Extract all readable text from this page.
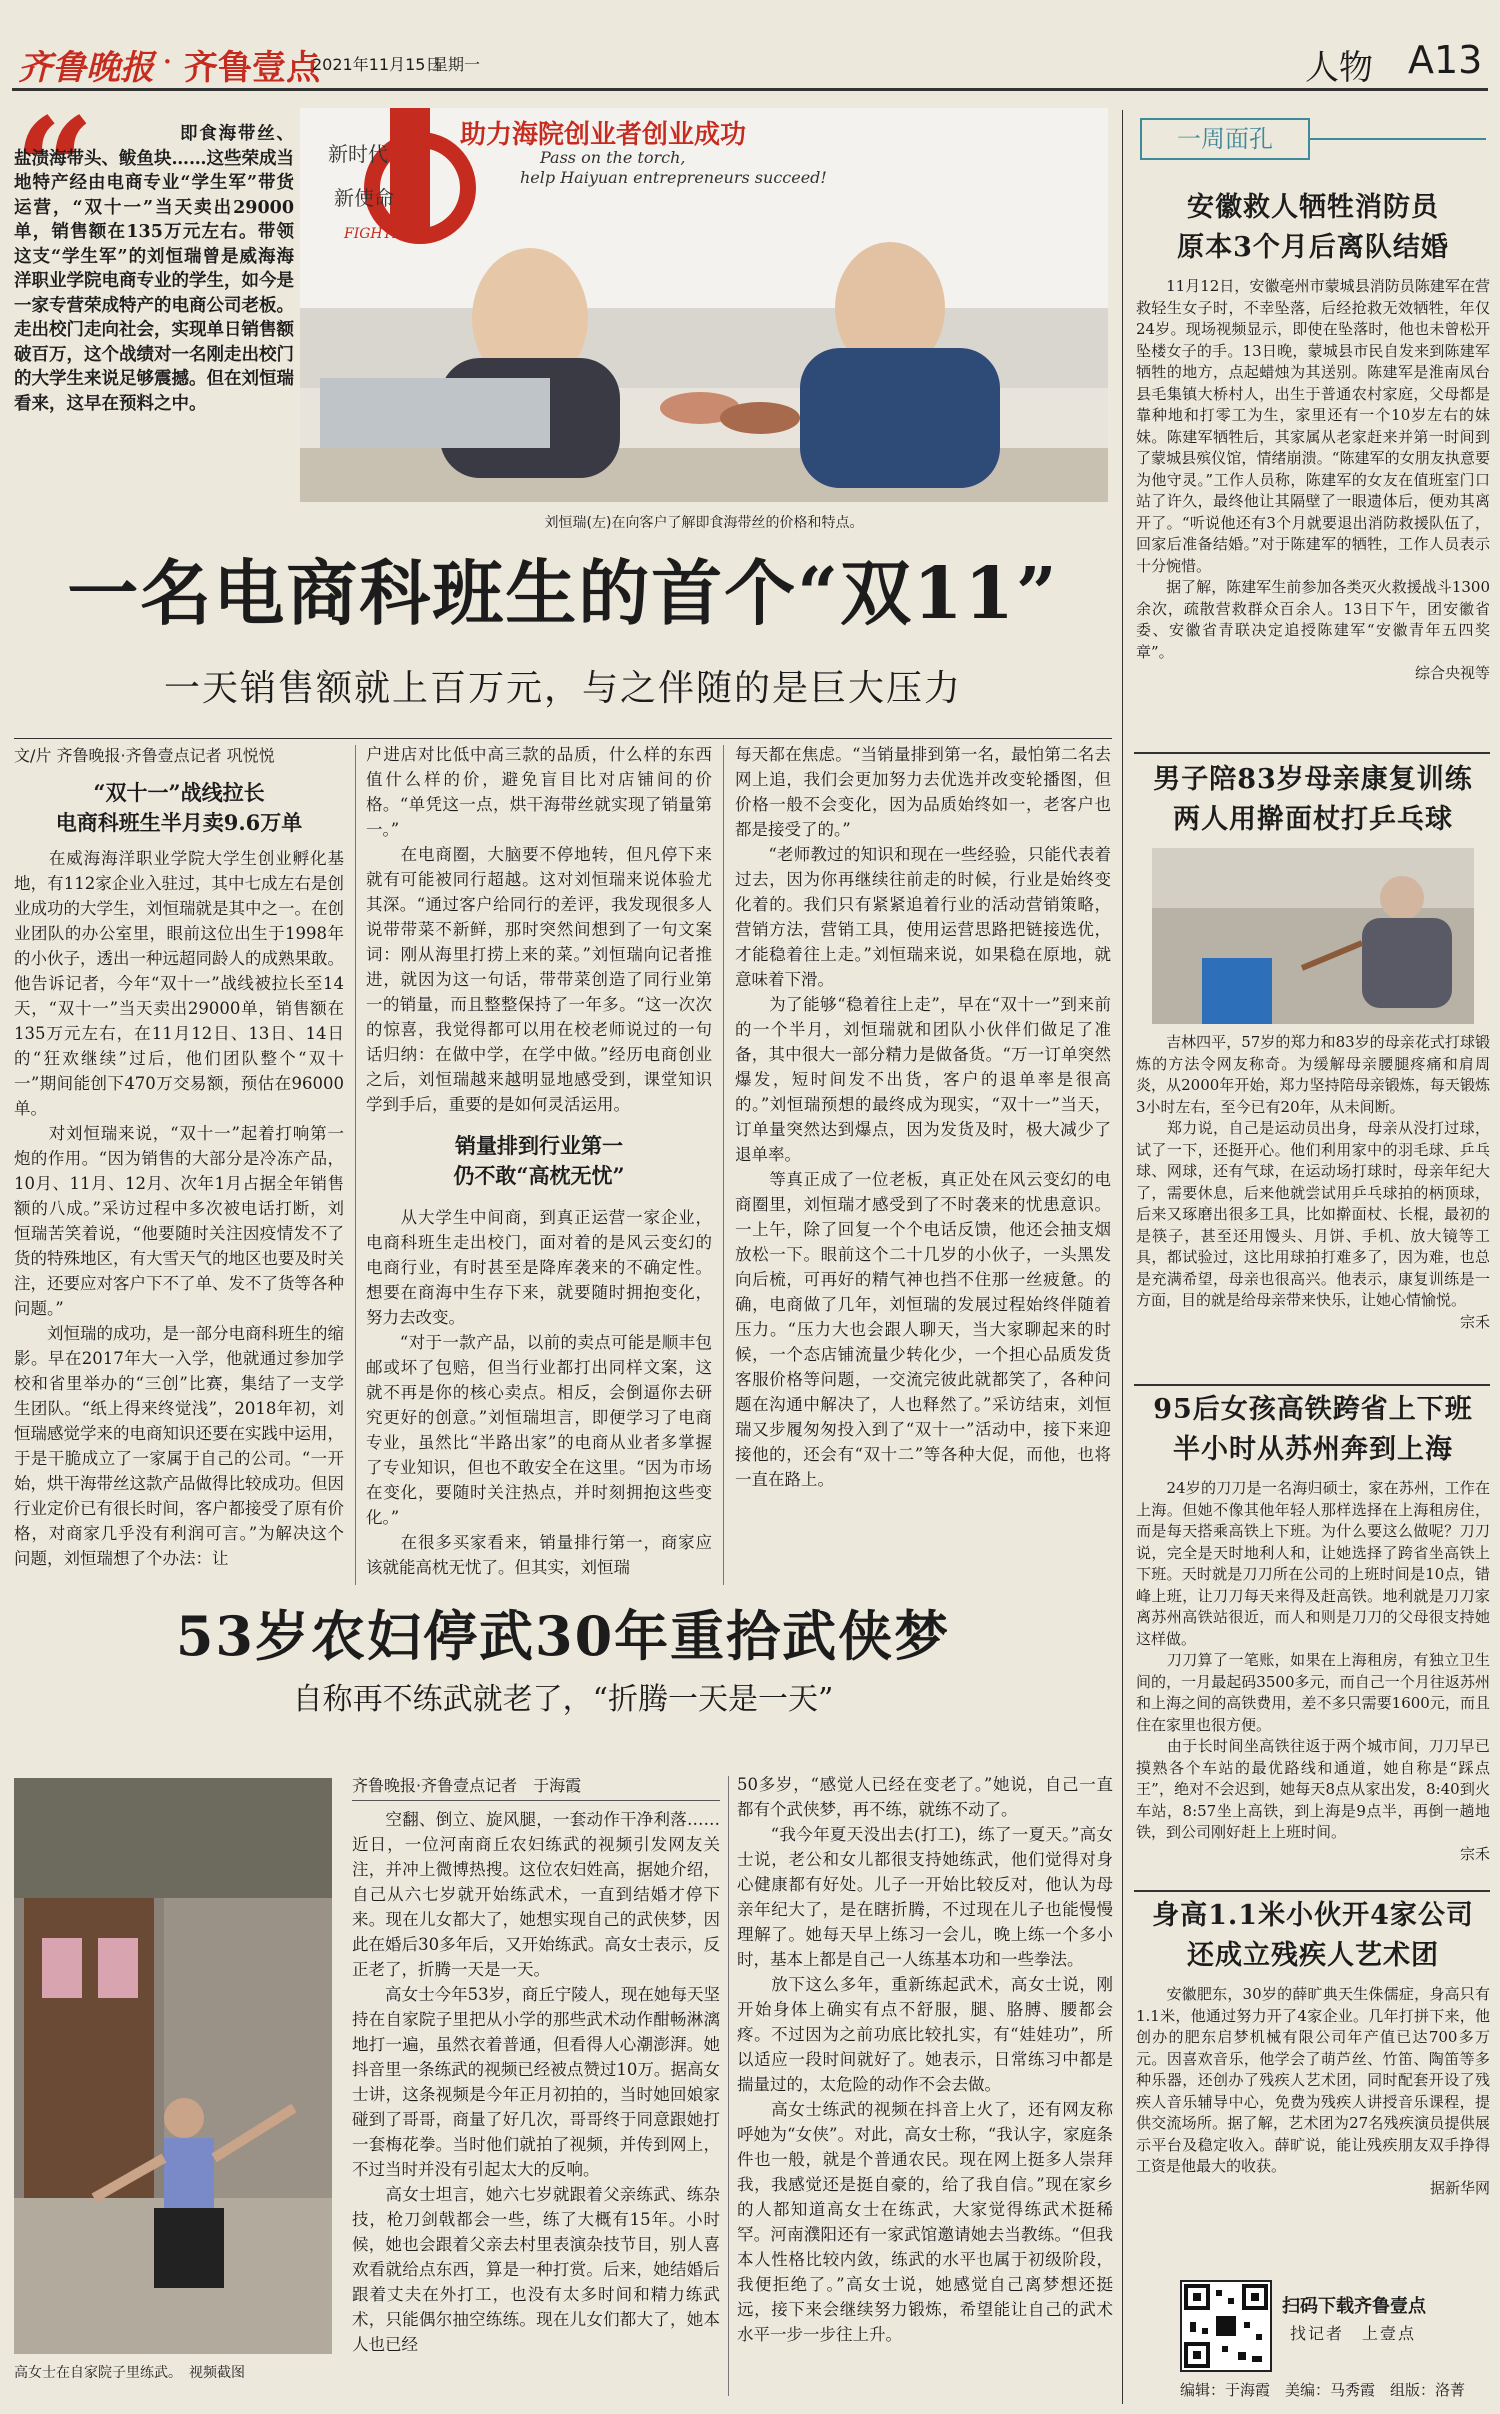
齐鲁晚报 · 齐鲁壹点
2021年11月15日
星期一	人物 A13
“	即食海带丝、盐渍海带头、鲅鱼块……这些荣成当地特产经由电商专业“学生军”带货运营，“双十一”当天卖出29000单，销售额在135万元左右。带领这支“学生军”的刘恒瑞曾是威海海洋职业学院电商专业的学生，如今是一家专营荣成特产的电商公司老板。
走出校门走向社会，实现单日销售额破百万，这个战绩对一名刚走出校门的大学生来说足够震撼。但在刘恒瑞看来，这早在预料之中。
助力海院创业者创业成功
Pass on the torch,
help Haiyuan entrepreneurs succeed!
新时代
新使命
FIGHTING
刘恒瑞(左)在向客户了解即食海带丝的价格和特点。
一名电商科班生的首个“双11”
一天销售额就上百万元，与之伴随的是巨大压力
文/片 齐鲁晚报·齐鲁壹点记者 巩悦悦
“双十一”战线拉长
电商科班生半月卖9.6万单
　　在威海海洋职业学院大学生创业孵化基地，有112家企业入驻过，其中七成左右是创业成功的大学生，刘恒瑞就是其中之一。在创业团队的办公室里，眼前这位出生于1998年的小伙子，透出一种远超同龄人的成熟果敢。他告诉记者，今年“双十一”战线被拉长至14天，“双十一”当天卖出29000单，销售额在135万元左右，在11月12日、13日、14日的“狂欢继续”过后，他们团队整个“双十一”期间能创下470万交易额，预估在96000单。
　　对刘恒瑞来说，“双十一”起着打响第一炮的作用。“因为销售的大部分是冷冻产品，10月、11月、12月、次年1月占据全年销售额的八成。”采访过程中多次被电话打断，刘恒瑞苦笑着说，“他要随时关注因疫情发不了货的特殊地区，有大雪天气的地区也要及时关注，还要应对客户下不了单、发不了货等各种问题。”
　　刘恒瑞的成功，是一部分电商科班生的缩影。早在2017年大一入学，他就通过参加学校和省里举办的“三创”比赛，集结了一支学生团队。“纸上得来终觉浅”，2018年初，刘恒瑞感觉学来的电商知识还要在实践中运用，于是干脆成立了一家属于自己的公司。“一开始，烘干海带丝这款产品做得比较成功。但因行业定价已有很长时间，客户都接受了原有价格，对商家几乎没有利润可言。”为解决这个问题，刘恒瑞想了个办法：让
户进店对比低中高三款的品质，什么样的东西值什么样的价，避免盲目比对店铺间的价格。“单凭这一点，烘干海带丝就实现了销量第一。”
　　在电商圈，大脑要不停地转，但凡停下来就有可能被同行超越。这对刘恒瑞来说体验尤其深。“通过客户给同行的差评，我发现很多人说带带菜不新鲜，那时突然间想到了一句文案词：刚从海里打捞上来的菜。”刘恒瑞向记者推进，就因为这一句话，带带菜创造了同行业第一的销量，而且整整保持了一年多。“这一次次的惊喜，我觉得都可以用在校老师说过的一句话归纳：在做中学，在学中做。”经历电商创业之后，刘恒瑞越来越明显地感受到，课堂知识学到手后，重要的是如何灵活运用。
销量排到行业第一
仍不敢“高枕无忧”
　　从大学生中间商，到真正运营一家企业，电商科班生走出校门，面对着的是风云变幻的电商行业，有时甚至是降库袭来的不确定性。想要在商海中生存下来，就要随时拥抱变化，努力去改变。
　　“对于一款产品，以前的卖点可能是顺丰包邮或坏了包赔，但当行业都打出同样文案，这就不再是你的核心卖点。相反，会倒逼你去研究更好的创意。”刘恒瑞坦言，即便学习了电商专业，虽然比“半路出家”的电商从业者多掌握了专业知识，但也不敢安全在这里。“因为市场在变化，要随时关注热点，并时刻拥抱这些变化。”
　　在很多买家看来，销量排行第一，商家应该就能高枕无忧了。但其实，刘恒瑞
每天都在焦虑。“当销量排到第一名，最怕第二名去网上追，我们会更加努力去优选并改变轮播图，但价格一般不会变化，因为品质始终如一，老客户也都是接受了的。”
　　“老师教过的知识和现在一些经验，只能代表着过去，因为你再继续往前走的时候，行业是始终变化着的。我们只有紧紧追着行业的活动营销策略，营销方法，营销工具，使用运营思路把链接选优，才能稳着往上走。”刘恒瑞来说，如果稳在原地，就意味着下滑。
　　为了能够“稳着往上走”，早在“双十一”到来前的一个半月，刘恒瑞就和团队小伙伴们做足了准备，其中很大一部分精力是做备货。“万一订单突然爆发，短时间发不出货，客户的退单率是很高的。”刘恒瑞预想的最终成为现实，“双十一”当天，订单量突然达到爆点，因为发货及时，极大减少了退单率。
　　等真正成了一位老板，真正处在风云变幻的电商圈里，刘恒瑞才感受到了不时袭来的忧患意识。一上午，除了回复一个个电话反馈，他还会抽支烟放松一下。眼前这个二十几岁的小伙子，一头黑发向后梳，可再好的精气神也挡不住那一丝疲惫。的确，电商做了几年，刘恒瑞的发展过程始终伴随着压力。“压力大也会跟人聊天，当大家聊起来的时候，一个态店铺流量少转化少，一个担心品质发货客服价格等问题，一交流完彼此就都笑了，各种问题在沟通中解决了，人也释然了。”采访结束，刘恒瑞又步履匆匆投入到了“双十一”活动中，接下来迎接他的，还会有“双十二”等各种大促，而他，也将一直在路上。
53岁农妇停武30年重拾武侠梦
自称再不练武就老了，“折腾一天是一天”
高女士在自家院子里练武。　视频截图
齐鲁晚报·齐鲁壹点记者　于海霞
　　空翻、倒立、旋风腿，一套动作干净利落……近日，一位河南商丘农妇练武的视频引发网友关注，并冲上微博热搜。这位农妇姓高，据她介绍，自己从六七岁就开始练武术，一直到结婚才停下来。现在儿女都大了，她想实现自己的武侠梦，因此在婚后30多年后，又开始练武。高女士表示，反正老了，折腾一天是一天。
　　高女士今年53岁，商丘宁陵人，现在她每天坚持在自家院子里把从小学的那些武术动作酣畅淋漓地打一遍，虽然衣着普通，但看得人心潮澎湃。她抖音里一条练武的视频已经被点赞过10万。据高女士讲，这条视频是今年正月初拍的，当时她回娘家碰到了哥哥，商量了好几次，哥哥终于同意跟她打一套梅花拳。当时他们就拍了视频，并传到网上，不过当时并没有引起太大的反响。
　　高女士坦言，她六七岁就跟着父亲练武、练杂技，枪刀剑戟都会一些，练了大概有15年。小时候，她也会跟着父亲去村里表演杂技节目，别人喜欢看就给点东西，算是一种打赏。后来，她结婚后跟着丈夫在外打工，也没有太多时间和精力练武术，只能偶尔抽空练练。现在儿女们都大了，她本人也已经
50多岁，“感觉人已经在变老了。”她说，自己一直都有个武侠梦，再不练，就练不动了。
　　“我今年夏天没出去(打工)，练了一夏天。”高女士说，老公和女儿都很支持她练武，他们觉得对身心健康都有好处。儿子一开始比较反对，他认为母亲年纪大了，是在瞎折腾，不过现在儿子也能慢慢理解了。她每天早上练习一会儿，晚上练一个多小时，基本上都是自己一人练基本功和一些拳法。
　　放下这么多年，重新练起武术，高女士说，刚开始身体上确实有点不舒服，腿、胳膊、腰都会疼。不过因为之前功底比较扎实，有“娃娃功”，所以适应一段时间就好了。她表示，日常练习中都是揣量过的，太危险的动作不会去做。
　　高女士练武的视频在抖音上火了，还有网友称呼她为“女侠”。对此，高女士称，“我认字，家庭条件也一般，就是个普通农民。现在网上挺多人崇拜我，我感觉还是挺自豪的，给了我自信。”现在家乡的人都知道高女士在练武，大家觉得练武术挺稀罕。河南濮阳还有一家武馆邀请她去当教练。“但我本人性格比较内敛，练武的水平也属于初级阶段，我便拒绝了。”高女士说，她感觉自己离梦想还挺远，接下来会继续努力锻炼，希望能让自己的武术水平一步一步往上升。
一周面孔
安徽救人牺牲消防员
原本3个月后离队结婚
　　11月12日，安徽亳州市蒙城县消防员陈建军在营救轻生女子时，不幸坠落，后经抢救无效牺牲，年仅24岁。现场视频显示，即使在坠落时，他也未曾松开坠楼女子的手。13日晚，蒙城县市民自发来到陈建军牺牲的地方，点起蜡烛为其送别。陈建军是淮南凤台县毛集镇大桥村人，出生于普通农村家庭，父母都是靠种地和打零工为生，家里还有一个10岁左右的妹妹。陈建军牺牲后，其家属从老家赶来并第一时间到了蒙城县殡仪馆，情绪崩溃。“陈建军的女朋友执意要为他守灵。”工作人员称，陈建军的女友在值班室门口站了许久，最终他让其隔壁了一眼遗体后，便劝其离开了。“听说他还有3个月就要退出消防救援队伍了，回家后准备结婚。”对于陈建军的牺牲，工作人员表示十分惋惜。
　　据了解，陈建军生前参加各类灭火救援战斗1300余次，疏散营救群众百余人。13日下午，团安徽省委、安徽省青联决定追授陈建军“安徽青年五四奖章”。
综合央视等
男子陪83岁母亲康复训练
两人用擀面杖打乒乓球
　　吉林四平，57岁的郑力和83岁的母亲花式打球锻炼的方法令网友称奇。为缓解母亲腰腿疼痛和肩周炎，从2000年开始，郑力坚持陪母亲锻炼，每天锻炼3小时左右，至今已有20年，从未间断。
　　郑力说，自己是运动员出身，母亲从没打过球，试了一下，还挺开心。他们利用家中的羽毛球、乒乓球、网球，还有气球，在运动场打球时，母亲年纪大了，需要休息，后来他就尝试用乒乓球拍的柄顶球，后来又琢磨出很多工具，比如擀面杖、长棍，最初的是筷子，甚至还用馒头、月饼、手机、放大镜等工具，都试验过，这比用球拍打难多了，因为难，也总是充满希望，母亲也很高兴。他表示，康复训练是一方面，目的就是给母亲带来快乐，让她心情愉悦。
宗禾
95后女孩高铁跨省上下班
半小时从苏州奔到上海
　　24岁的刀刀是一名海归硕士，家在苏州，工作在上海。但她不像其他年轻人那样选择在上海租房住，而是每天搭乘高铁上下班。为什么要这么做呢？刀刀说，完全是天时地利人和，让她选择了跨省坐高铁上下班。天时就是刀刀所在公司的上班时间是10点，错峰上班，让刀刀每天来得及赶高铁。地利就是刀刀家离苏州高铁站很近，而人和则是刀刀的父母很支持她这样做。
　　刀刀算了一笔账，如果在上海租房，有独立卫生间的，一月最起码3500多元，而自己一个月往返苏州和上海之间的高铁费用，差不多只需要1600元，而且住在家里也很方便。
　　由于长时间坐高铁往返于两个城市间，刀刀早已摸熟各个车站的最优路线和通道，她自称是“踩点王”，绝对不会迟到，她每天8点从家出发，8:40到火车站，8:57坐上高铁，到上海是9点半，再倒一趟地铁，到公司刚好赶上上班时间。
宗禾
身高1.1米小伙开4家公司
还成立残疾人艺术团
　　安徽肥东，30岁的薛旷典天生侏儒症，身高只有1.1米，他通过努力开了4家企业。几年打拼下来，他创办的肥东启梦机械有限公司年产值已达700多万元。因喜欢音乐，他学会了萌芦丝、竹笛、陶笛等多种乐器，还创办了残疾人艺术团，同时配套开设了残疾人音乐辅导中心，免费为残疾人讲授音乐课程，提供交流场所。据了解，艺术团为27名残疾演员提供展示平台及稳定收入。薛旷说，能让残疾朋友双手挣得工资是他最大的收获。
据新华网
扫码下载齐鲁壹点
找记者　上壹点
编辑：于海霞　美编：马秀霞　组版：洛菁
